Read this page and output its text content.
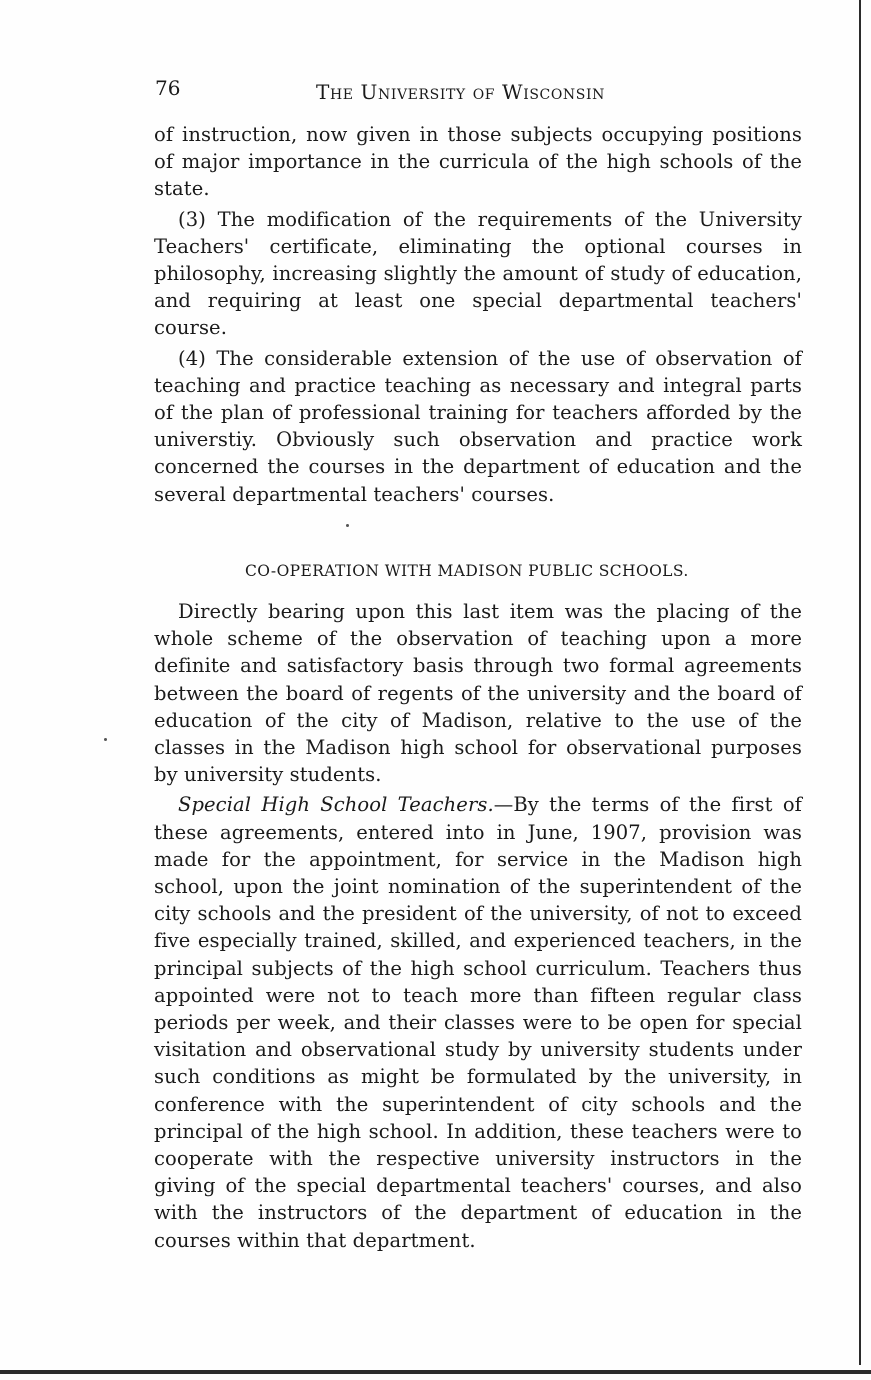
76	The University of Wisconsin

of instruction, now given in those subjects occupying positions of major importance in the curricula of the high schools of the state.

(3) The modification of the requirements of the University Teachers' certificate, eliminating the optional courses in philosophy, increasing slightly the amount of study of education, and requiring at least one special departmental teachers' course.

(4) The considerable extension of the use of observation of teaching and practice teaching as necessary and integral parts of the plan of professional training for teachers afforded by the universtiy. Obviously such observation and practice work concerned the courses in the department of education and the several departmental teachers' courses.

CO-OPERATION WITH MADISON PUBLIC SCHOOLS.

Directly bearing upon this last item was the placing of the whole scheme of the observation of teaching upon a more definite and satisfactory basis through two formal agreements between the board of regents of the university and the board of education of the city of Madison, relative to the use of the classes in the Madison high school for observational purposes by university students.

Special High School Teachers.—By the terms of the first of these agreements, entered into in June, 1907, provision was made for the appointment, for service in the Madison high school, upon the joint nomination of the superintendent of the city schools and the president of the university, of not to exceed five especially trained, skilled, and experienced teachers, in the principal subjects of the high school curriculum. Teachers thus appointed were not to teach more than fifteen regular class periods per week, and their classes were to be open for special visitation and observational study by university students under such conditions as might be formulated by the university, in conference with the superintendent of city schools and the principal of the high school. In addition, these teachers were to cooperate with the respective university instructors in the giving of the special departmental teachers' courses, and also with the instructors of the department of education in the courses within that department.
